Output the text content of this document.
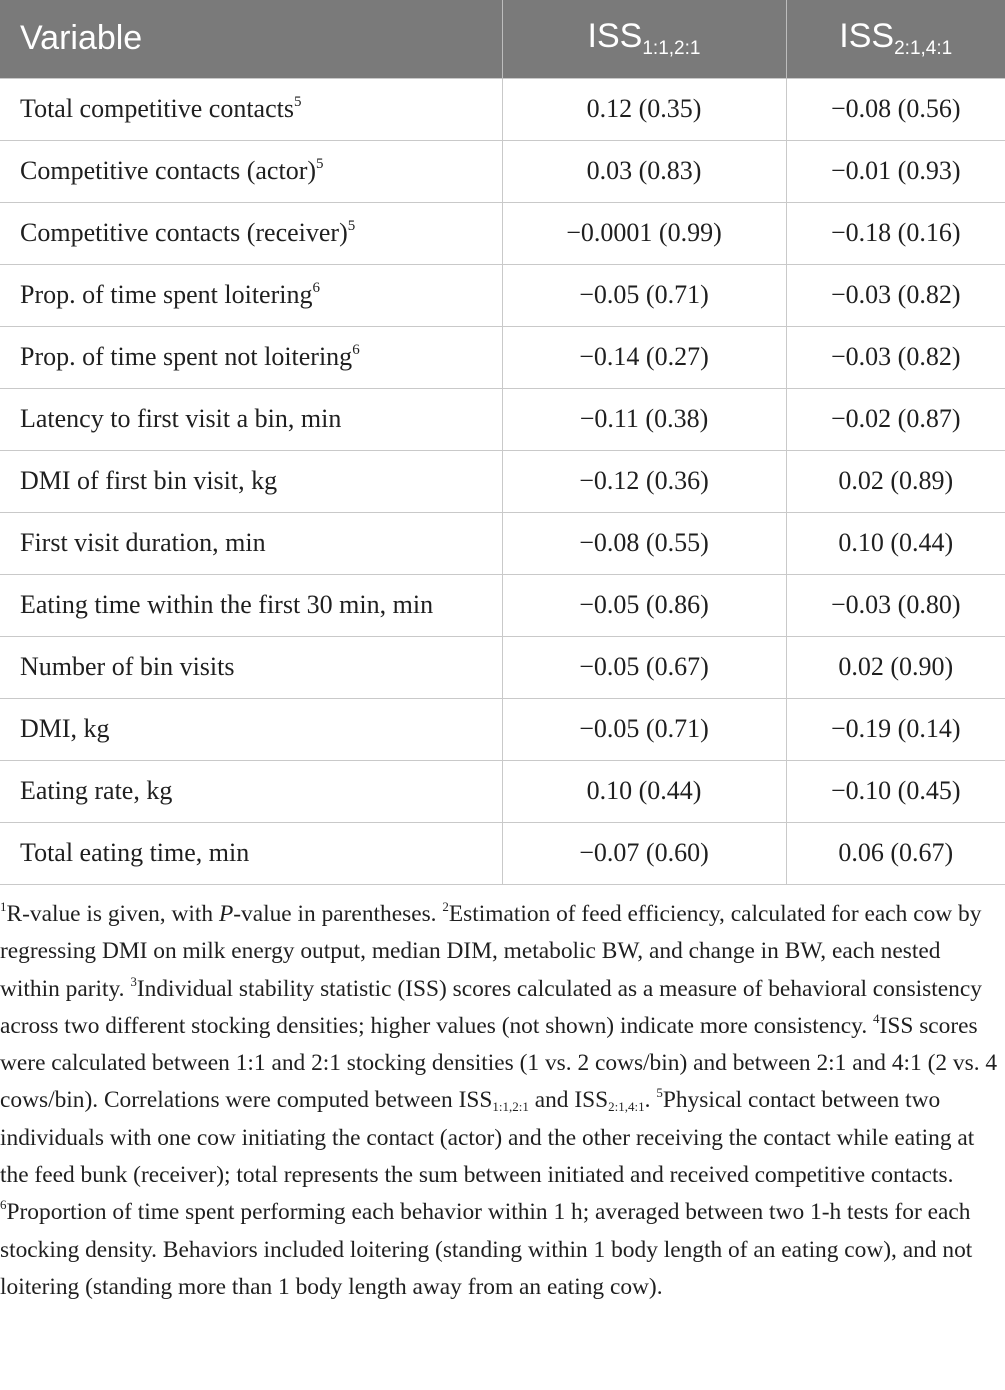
Variable	$ISS_{1:1,2:1}$	$ISS_{2:1,4:1}$
Total competitive contacts$^5$	0.12 (0.35)	−0.08 (0.56)
Competitive contacts (actor)$^5$	0.03 (0.83)	−0.01 (0.93)
Competitive contacts (receiver)$^5$	−0.0001 (0.99)	−0.18 (0.16)
Prop. of time spent loitering$^6$	−0.05 (0.71)	−0.03 (0.82)
Prop. of time spent not loitering$^6$	−0.14 (0.27)	−0.03 (0.82)
Latency to first visit a bin, min	−0.11 (0.38)	−0.02 (0.87)
DMI of first bin visit, kg	−0.12 (0.36)	0.02 (0.89)
First visit duration, min	−0.08 (0.55)	0.10 (0.44)
Eating time within the first 30 min, min	−0.05 (0.86)	−0.03 (0.80)
Number of bin visits	−0.05 (0.67)	0.02 (0.90)
DMI, kg	−0.05 (0.71)	−0.19 (0.14)
Eating rate, kg	0.10 (0.44)	−0.10 (0.45)
Total eating time, min	−0.07 (0.60)	0.06 (0.67)
$^1$R-value is given, with P-value in parentheses. $^2$Estimation of feed efficiency, calculated for each cow by regressing DMI on milk energy output, median DIM, metabolic BW, and change in BW, each nested within parity. $^3$Individual stability statistic (ISS) scores calculated as a measure of behavioral consistency across two different stocking densities; higher values (not shown) indicate more consistency. $^4$ISS scores were calculated between 1:1 and 2:1 stocking densities (1 vs. 2 cows/bin) and between 2:1 and 4:1 (2 vs. 4 cows/bin). Correlations were computed between $ISS_{1:1,2:1}$ and $ISS_{2:1,4:1}$. $^5$Physical contact between two individuals with one cow initiating the contact (actor) and the other receiving the contact while eating at the feed bunk (receiver); total represents the sum between initiated and received competitive contacts. $^6$Proportion of time spent performing each behavior within 1 h; averaged between two 1-h tests for each stocking density. Behaviors included loitering (standing within 1 body length of an eating cow), and not loitering (standing more than 1 body length away from an eating cow).
